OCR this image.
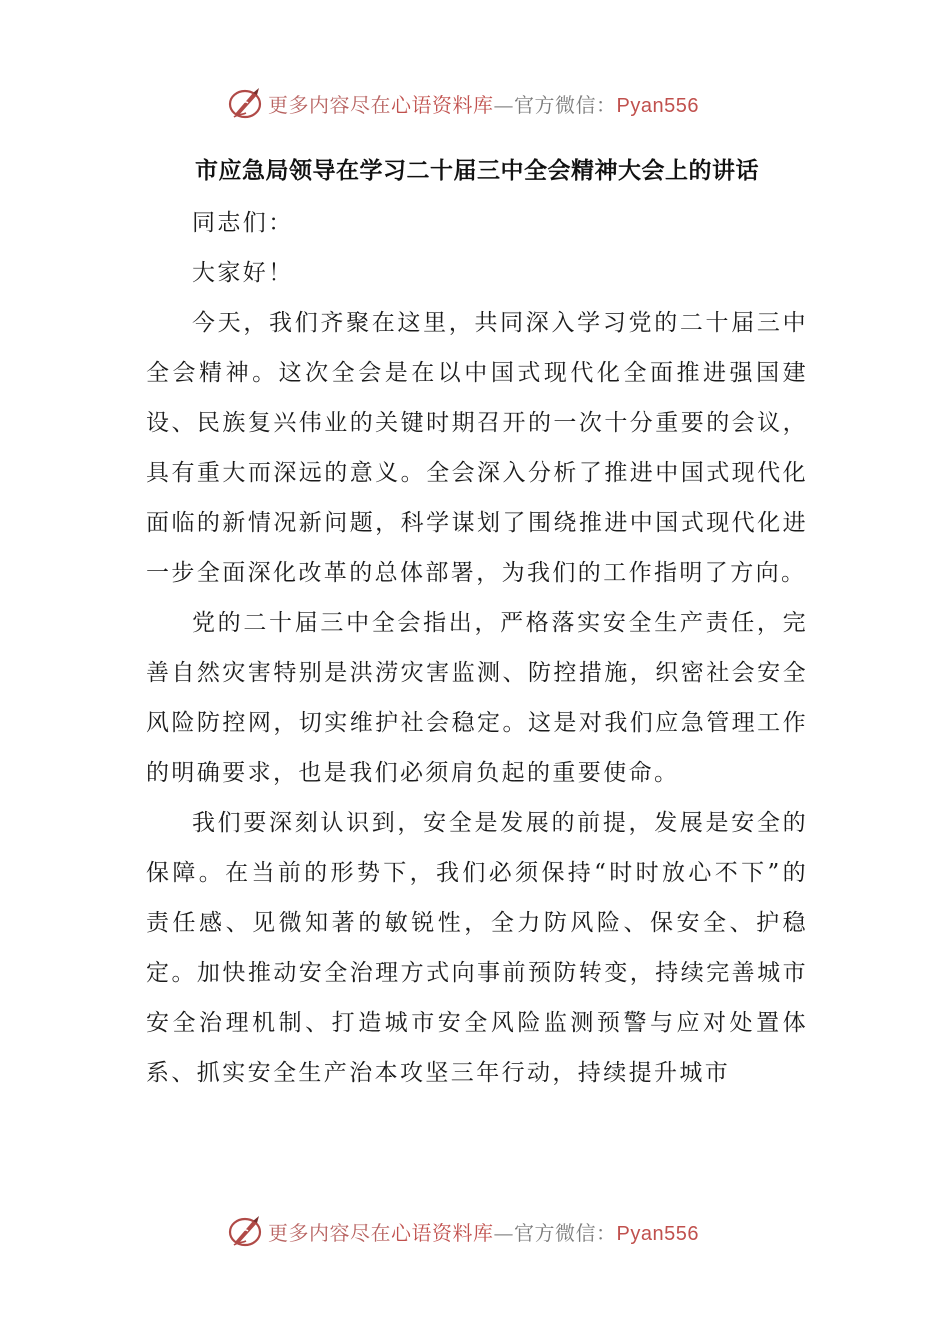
更多内容尽在心语资料库—官方微信：Pyan556
市应急局领导在学习二十届三中全会精神大会上的讲话

同志们：

大家好！

今天，我们齐聚在这里，共同深入学习党的二十届三中全会精神。这次全会是在以中国式现代化全面推进强国建设、民族复兴伟业的关键时期召开的一次十分重要的会议，具有重大而深远的意义。全会深入分析了推进中国式现代化面临的新情况新问题，科学谋划了围绕推进中国式现代化进一步全面深化改革的总体部署，为我们的工作指明了方向。

党的二十届三中全会指出，严格落实安全生产责任，完善自然灾害特别是洪涝灾害监测、防控措施，织密社会安全风险防控网，切实维护社会稳定。这是对我们应急管理工作的明确要求，也是我们必须肩负起的重要使命。

我们要深刻认识到，安全是发展的前提，发展是安全的保障。在当前的形势下，我们必须保持“时时放心不下”的责任感、见微知著的敏锐性，全力防风险、保安全、护稳定。加快推动安全治理方式向事前预防转变，持续完善城市安全治理机制、打造城市安全风险监测预警与应对处置体系、抓实安全生产治本攻坚三年行动，持续提升城市

更多内容尽在心语资料库—官方微信：Pyan556
